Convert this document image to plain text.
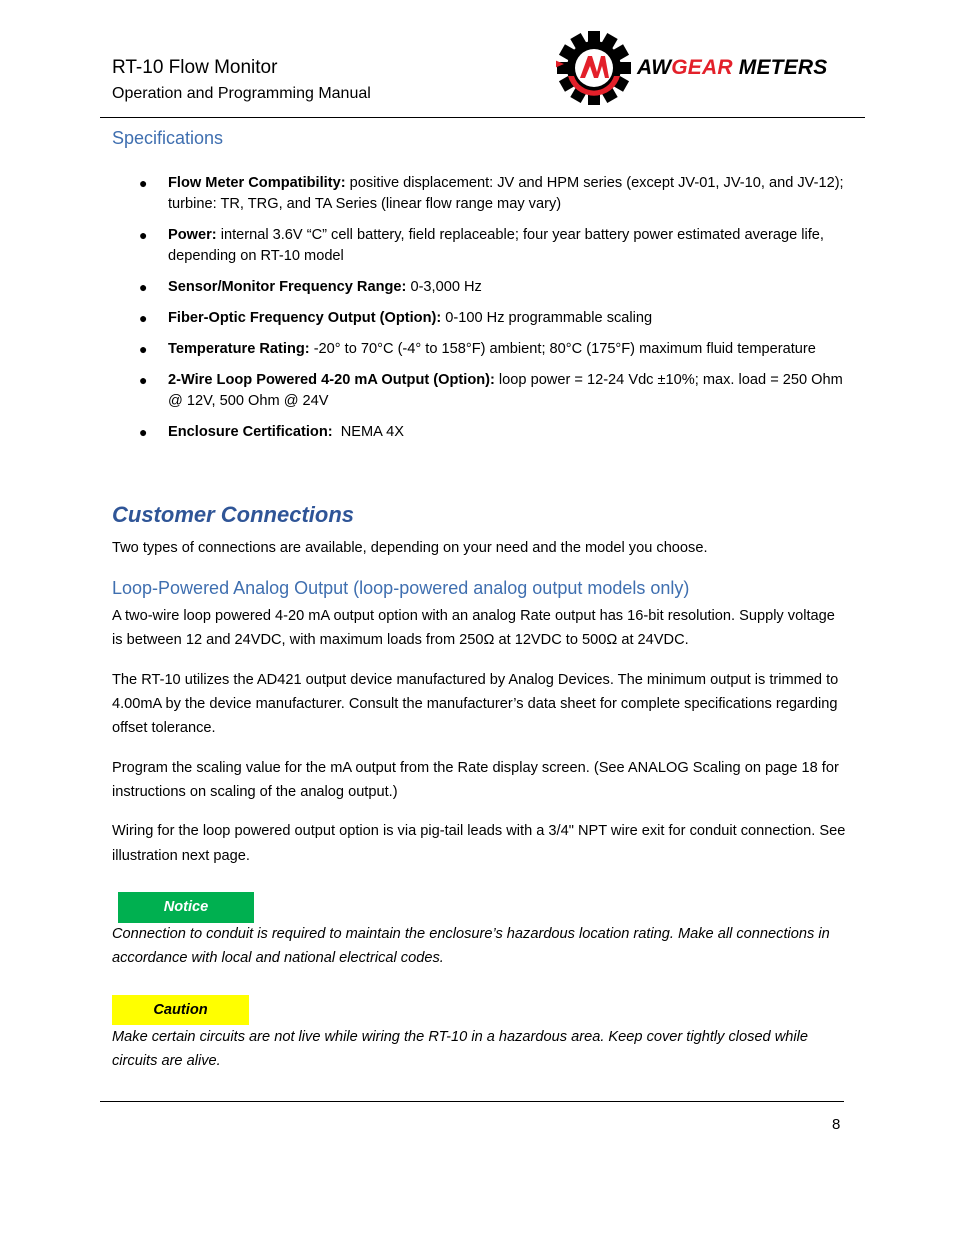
RT-10 Flow Monitor
Operation and Programming Manual
AWGEAR METERS
Specifications
● Flow Meter Compatibility: positive displacement: JV and HPM series (except JV-01, JV-10, and JV-12); turbine: TR, TRG, and TA Series (linear flow range may vary)
● Power: internal 3.6V “C” cell battery, field replaceable; four year battery power estimated average life, depending on RT-10 model
● Sensor/Monitor Frequency Range: 0-3,000 Hz
● Fiber-Optic Frequency Output (Option): 0-100 Hz programmable scaling
● Temperature Rating: -20° to 70°C (-4° to 158°F) ambient; 80°C (175°F) maximum fluid temperature
● 2-Wire Loop Powered 4-20 mA Output (Option): loop power = 12-24 Vdc ±10%; max. load = 250 Ohm @ 12V, 500 Ohm @ 24V
● Enclosure Certification:  NEMA 4X
Customer Connections
Two types of connections are available, depending on your need and the model you choose.
Loop-Powered Analog Output (loop-powered analog output models only)
A two-wire loop powered 4-20 mA output option with an analog Rate output has 16-bit resolution. Supply voltage is between 12 and 24VDC, with maximum loads from 250Ω at 12VDC to 500Ω at 24VDC.
The RT-10 utilizes the AD421 output device manufactured by Analog Devices. The minimum output is trimmed to 4.00mA by the device manufacturer. Consult the manufacturer’s data sheet for complete specifications regarding offset tolerance.
Program the scaling value for the mA output from the Rate display screen. (See ANALOG Scaling on page 18 for instructions on scaling of the analog output.)
Wiring for the loop powered output option is via pig-tail leads with a 3/4" NPT wire exit for conduit connection. See illustration next page.
Notice
Connection to conduit is required to maintain the enclosure’s hazardous location rating. Make all connections in accordance with local and national electrical codes.
Caution
Make certain circuits are not live while wiring the RT-10 in a hazardous area. Keep cover tightly closed while circuits are alive.
8
